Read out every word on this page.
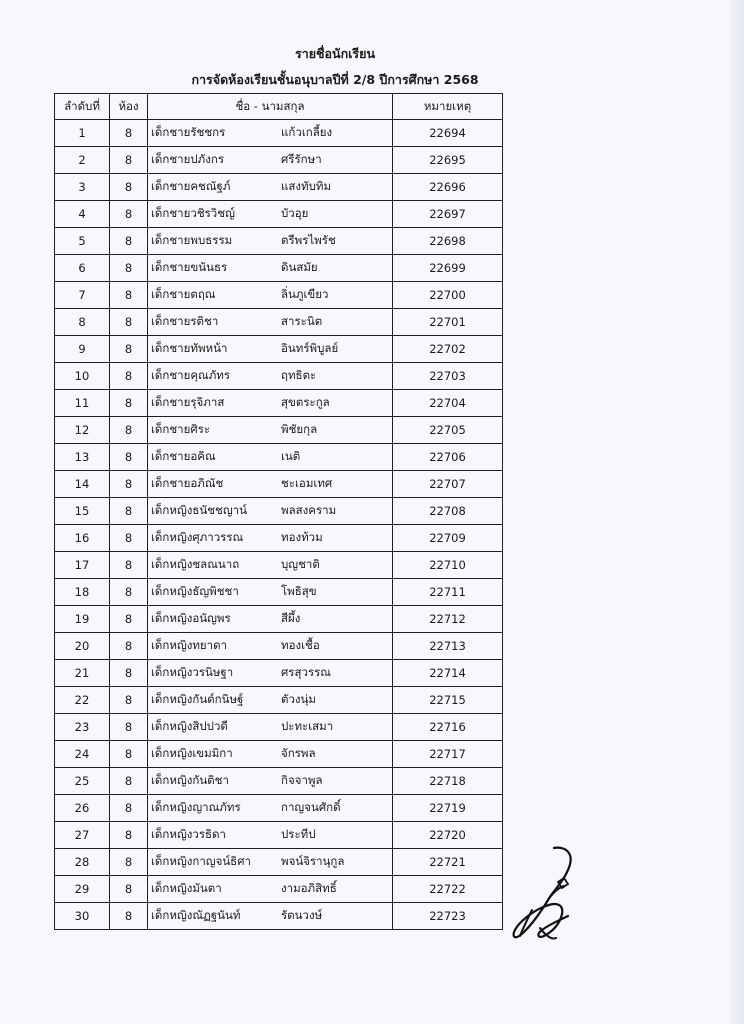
รายชื่อนักเรียน
การจัดห้องเรียนชั้นอนุบาลปีที่ 2/8 ปีการศึกษา 2568
ลำดับที่	ห้อง	ชื่อ - นามสกุล	หมายเหตุ
1	8	เด็กชายรัชชกร แก้วเกลี้ยง	22694
2	8	เด็กชายปภังกร ศรีรักษา	22695
3	8	เด็กชายคชณัฐภ์ แสงทับทิม	22696
4	8	เด็กชายวชิรวิชญ์ บัวอุย	22697
5	8	เด็กชายพบธรรม ตรีพรไพรัช	22698
6	8	เด็กชายขนันธร ดินสมัย	22699
7	8	เด็กชายตฤณ ลิ่นภูเขียว	22700
8	8	เด็กชายรติชา สาระนิต	22701
9	8	เด็กชายทัพหน้า อินทร์พิบูลย์	22702
10	8	เด็กชายคุณภัทร ฤทธิตะ	22703
11	8	เด็กชายรุจิภาส สุขตระกูล	22704
12	8	เด็กชายศิระ พิชัยกุล	22705
13	8	เด็กชายอคิณ เนติ	22706
14	8	เด็กชายอภิณัช ชะเอมเทศ	22707
15	8	เด็กหญิงธนัชชญาน์ พลสงคราม	22708
16	8	เด็กหญิงศุภาวรรณ ทองท้วม	22709
17	8	เด็กหญิงชลณนาถ บุญชาติ	22710
18	8	เด็กหญิงธัญพิชชา โพธิสุข	22711
19	8	เด็กหญิงอนัญพร สีผึ้ง	22712
20	8	เด็กหญิงทยาดา ทองเชื้อ	22713
21	8	เด็กหญิงวรนิษฐา ศรสุวรรณ	22714
22	8	เด็กหญิงกันต์กนิษฐ์ ตัวงนุ่ม	22715
23	8	เด็กหญิงสิปปวดี ปะทะเสมา	22716
24	8	เด็กหญิงเขมมิกา จักรพล	22717
25	8	เด็กหญิงกันติชา กิจจาพูล	22718
26	8	เด็กหญิงญาณภัทร กาญจนศักดิ์	22719
27	8	เด็กหญิงวรธิดา ประทีป	22720
28	8	เด็กหญิงกาญจน์ธิศา พจน์จิรานุกูล	22721
29	8	เด็กหญิงมันตา งามอภิสิทธิ์	22722
30	8	เด็กหญิงณัฏฐนันท์ รัตนวงษ์	22723
